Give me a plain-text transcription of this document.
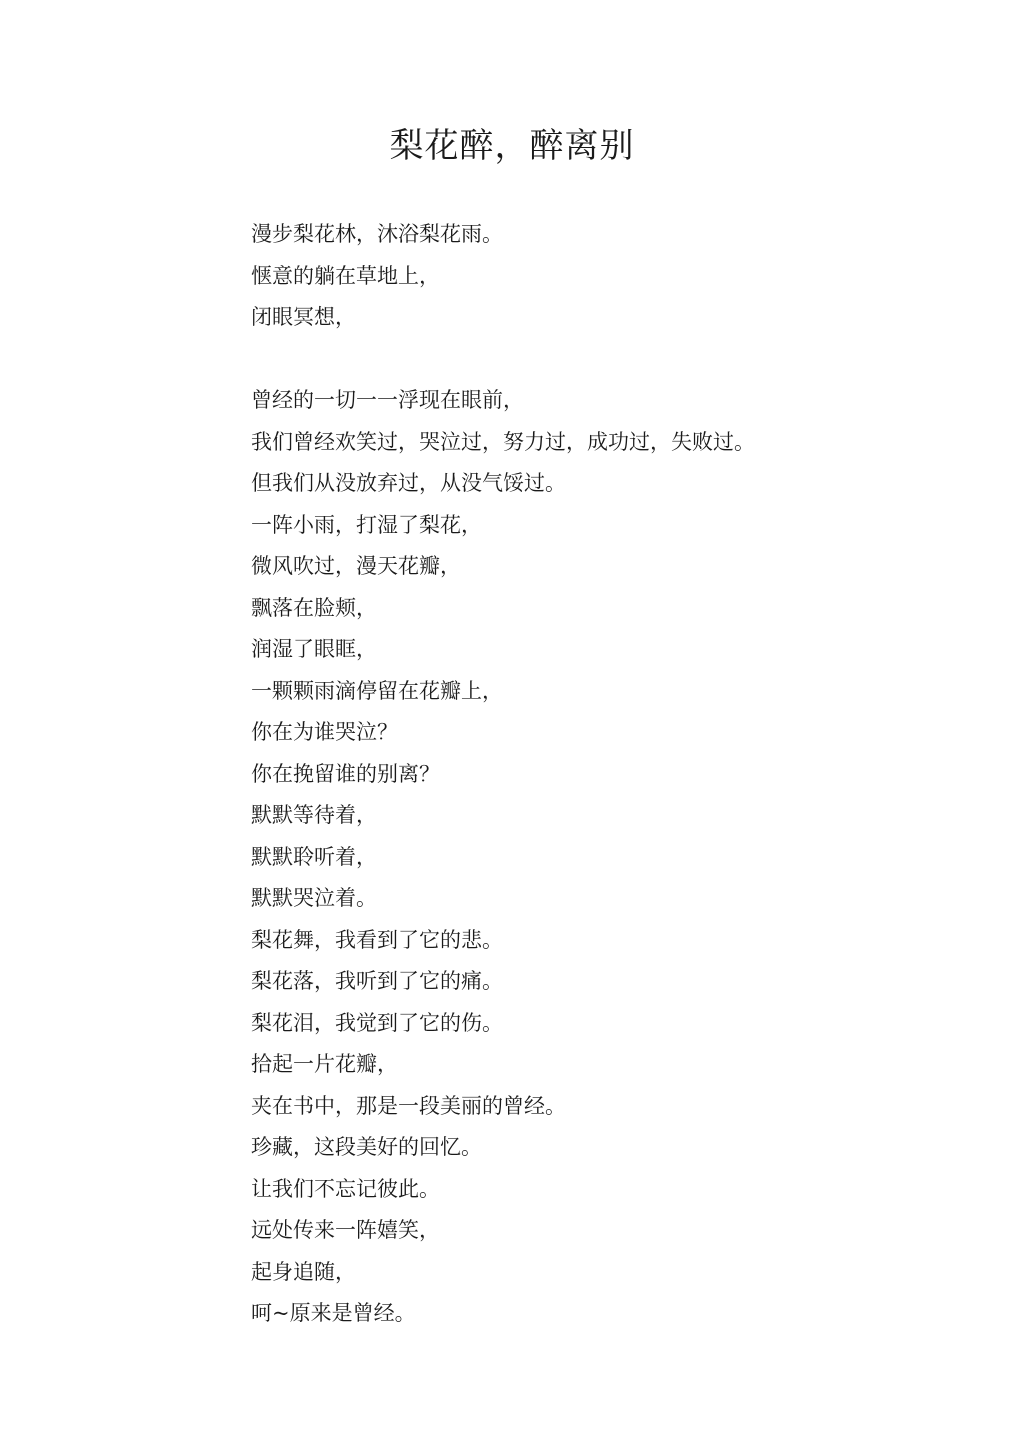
梨花醉，醉离别
漫步梨花林，沐浴梨花雨。
惬意的躺在草地上，
闭眼冥想，
曾经的一切一一浮现在眼前，
我们曾经欢笑过，哭泣过，努力过，成功过，失败过。
但我们从没放弃过，从没气馁过。
一阵小雨，打湿了梨花，
微风吹过，漫天花瓣，
飘落在脸颊，
润湿了眼眶，
一颗颗雨滴停留在花瓣上，
你在为谁哭泣？
你在挽留谁的别离？
默默等待着，
默默聆听着，
默默哭泣着。
梨花舞，我看到了它的悲。
梨花落，我听到了它的痛。
梨花泪，我觉到了它的伤。
拾起一片花瓣，
夹在书中，那是一段美丽的曾经。
珍藏，这段美好的回忆。
让我们不忘记彼此。
远处传来一阵嬉笑，
起身追随，
呵~原来是曾经。
